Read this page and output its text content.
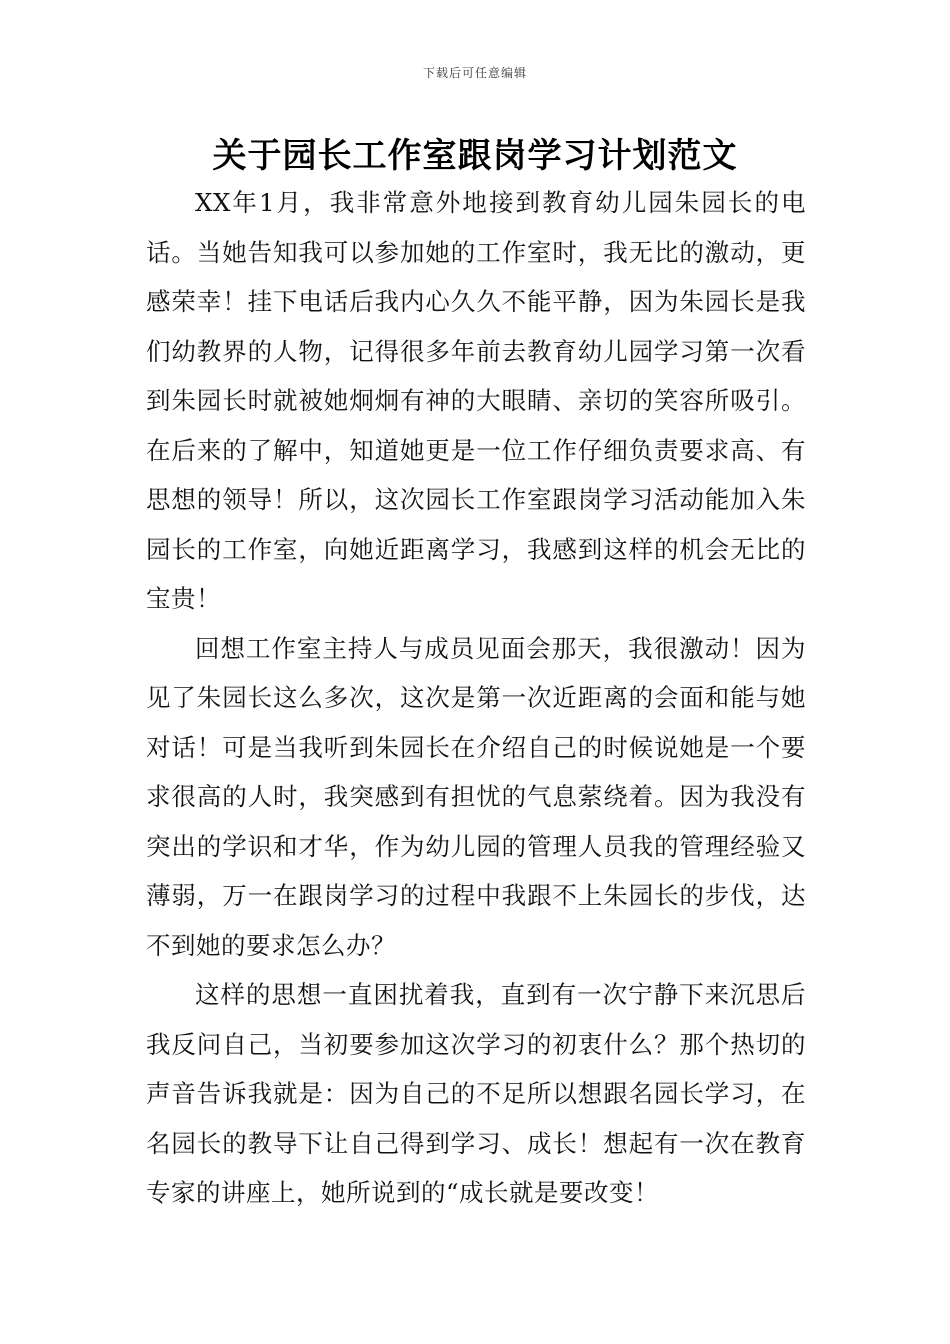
下载后可任意编辑
关于园长工作室跟岗学习计划范文

XX年1月，我非常意外地接到教育幼儿园朱园长的电话。当她告知我可以参加她的工作室时，我无比的激动，更感荣幸！挂下电话后我内心久久不能平静，因为朱园长是我们幼教界的人物，记得很多年前去教育幼儿园学习第一次看到朱园长时就被她炯炯有神的大眼睛、亲切的笑容所吸引。在后来的了解中，知道她更是一位工作仔细负责要求高、有思想的领导！所以，这次园长工作室跟岗学习活动能加入朱园长的工作室，向她近距离学习，我感到这样的机会无比的宝贵！

回想工作室主持人与成员见面会那天，我很激动！因为见了朱园长这么多次，这次是第一次近距离的会面和能与她对话！可是当我听到朱园长在介绍自己的时候说她是一个要求很高的人时，我突感到有担忧的气息萦绕着。因为我没有突出的学识和才华，作为幼儿园的管理人员我的管理经验又薄弱，万一在跟岗学习的过程中我跟不上朱园长的步伐，达不到她的要求怎么办？

这样的思想一直困扰着我，直到有一次宁静下来沉思后我反问自己，当初要参加这次学习的初衷什么？那个热切的声音告诉我就是：因为自己的不足所以想跟名园长学习，在名园长的教导下让自己得到学习、成长！想起有一次在教育专家的讲座上，她所说到的“成长就是要改变！
